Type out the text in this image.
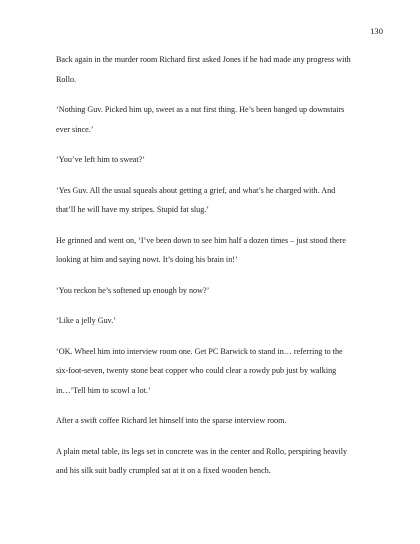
130

Back again in the murder room Richard first asked Jones if he had made any progress with
Rollo.

‘Nothing Guv. Picked him up, sweet as a nut first thing. He’s been banged up downstairs
ever since.’

‘You’ve left him to sweat?’

‘Yes Guv. All the usual squeals about getting a grief, and what’s he charged with. And
that’ll he will have my stripes. Stupid fat slug.’

He grinned and went on, ‘I’ve been down to see him half a dozen times – just stood there
looking at him and saying nowt. It’s doing his brain in!’

‘You reckon he’s softened up enough by now?’

‘Like a jelly Guv.’

‘OK. Wheel him into interview room one. Get PC Barwick to stand in… referring to the
six-foot-seven, twenty stone beat copper who could clear a rowdy pub just by walking
in…’Tell him to scowl a lot.’

After a swift coffee Richard let himself into the sparse interview room.

A plain metal table, its legs set in concrete was in the center and Rollo, perspiring heavily
and his silk suit badly crumpled sat at it on a fixed wooden bench.
